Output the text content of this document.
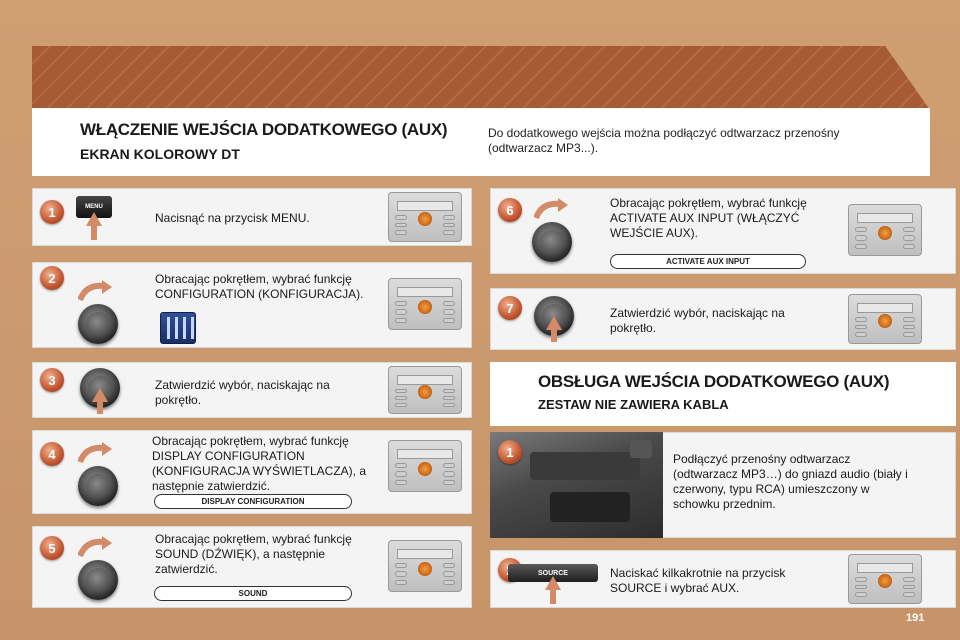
WŁĄCZENIE WEJŚCIA DODATKOWEGO (AUX)
EKRAN KOLOROWY DT
Do dodatkowego wejścia można podłączyć odtwarzacz przenośny (odtwarzacz MP3...).
1	MENU
Nacisnąć na przycisk MENU.
2	Obracając pokrętłem, wybrać funkcję CONFIGURATION (KONFIGURACJA).
3	Zatwierdzić wybór, naciskając na pokrętło.
4
Obracając pokrętłem, wybrać funkcję DISPLAY CONFIGURATION (KONFIGURACJA WYŚWIETLACZA), a następnie zatwierdzić.
DISPLAY CONFIGURATION
5
Obracając pokrętłem, wybrać funkcję SOUND (DŹWIĘK), a następnie zatwierdzić.
SOUND
6	Obracając pokrętłem, wybrać funkcję ACTIVATE AUX INPUT (WŁĄCZYĆ WEJŚCIE AUX).
ACTIVATE AUX INPUT
7	Zatwierdzić wybór, naciskając na pokrętło.
OBSŁUGA WEJŚCIA DODATKOWEGO (AUX)
ZESTAW NIE ZAWIERA KABLA
1	Podłączyć przenośny odtwarzacz (odtwarzacz MP3…) do gniazd audio (biały i czerwony, typu RCA) umieszczony w schowku przednim.
SOURCE	Naciskać kilkakrotnie na przycisk SOURCE i wybrać AUX.
191
